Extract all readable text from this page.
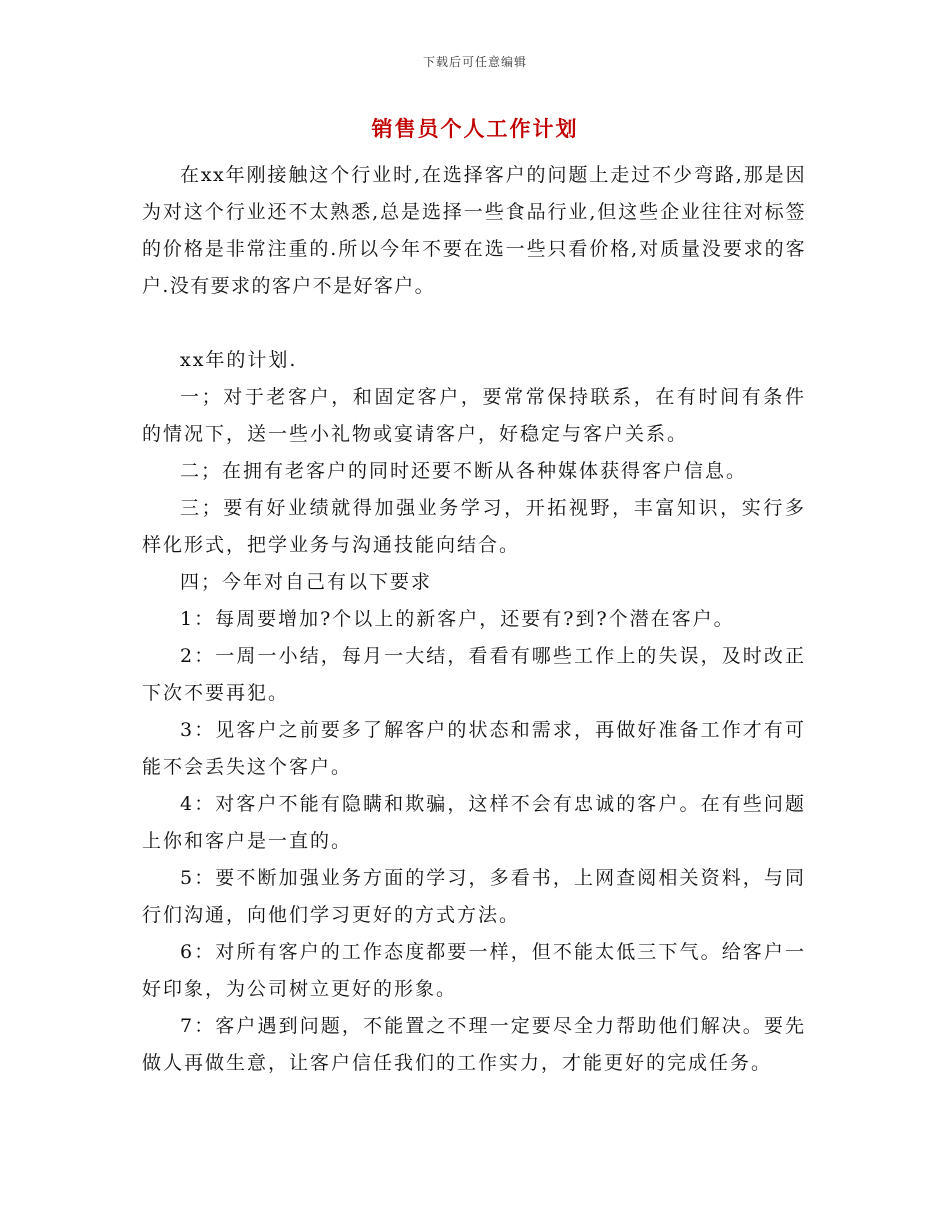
下载后可任意编辑
销售员个人工作计划

在xx年刚接触这个行业时,在选择客户的问题上走过不少弯路,那是因为对这个行业还不太熟悉,总是选择一些食品行业,但这些企业往往对标签的价格是非常注重的.所以今年不要在选一些只看价格,对质量没要求的客户.没有要求的客户不是好客户。

xx年的计划.

一；对于老客户，和固定客户，要常常保持联系，在有时间有条件的情况下，送一些小礼物或宴请客户，好稳定与客户关系。

二；在拥有老客户的同时还要不断从各种媒体获得客户信息。

三；要有好业绩就得加强业务学习，开拓视野，丰富知识，实行多样化形式，把学业务与沟通技能向结合。

四；今年对自己有以下要求

1：每周要增加?个以上的新客户，还要有?到?个潜在客户。

2：一周一小结，每月一大结，看看有哪些工作上的失误，及时改正下次不要再犯。

3：见客户之前要多了解客户的状态和需求，再做好准备工作才有可能不会丢失这个客户。

4：对客户不能有隐瞒和欺骗，这样不会有忠诚的客户。在有些问题上你和客户是一直的。

5：要不断加强业务方面的学习，多看书，上网查阅相关资料，与同行们沟通，向他们学习更好的方式方法。

6：对所有客户的工作态度都要一样，但不能太低三下气。给客户一好印象，为公司树立更好的形象。

7：客户遇到问题，不能置之不理一定要尽全力帮助他们解决。要先做人再做生意，让客户信任我们的工作实力，才能更好的完成任务。
